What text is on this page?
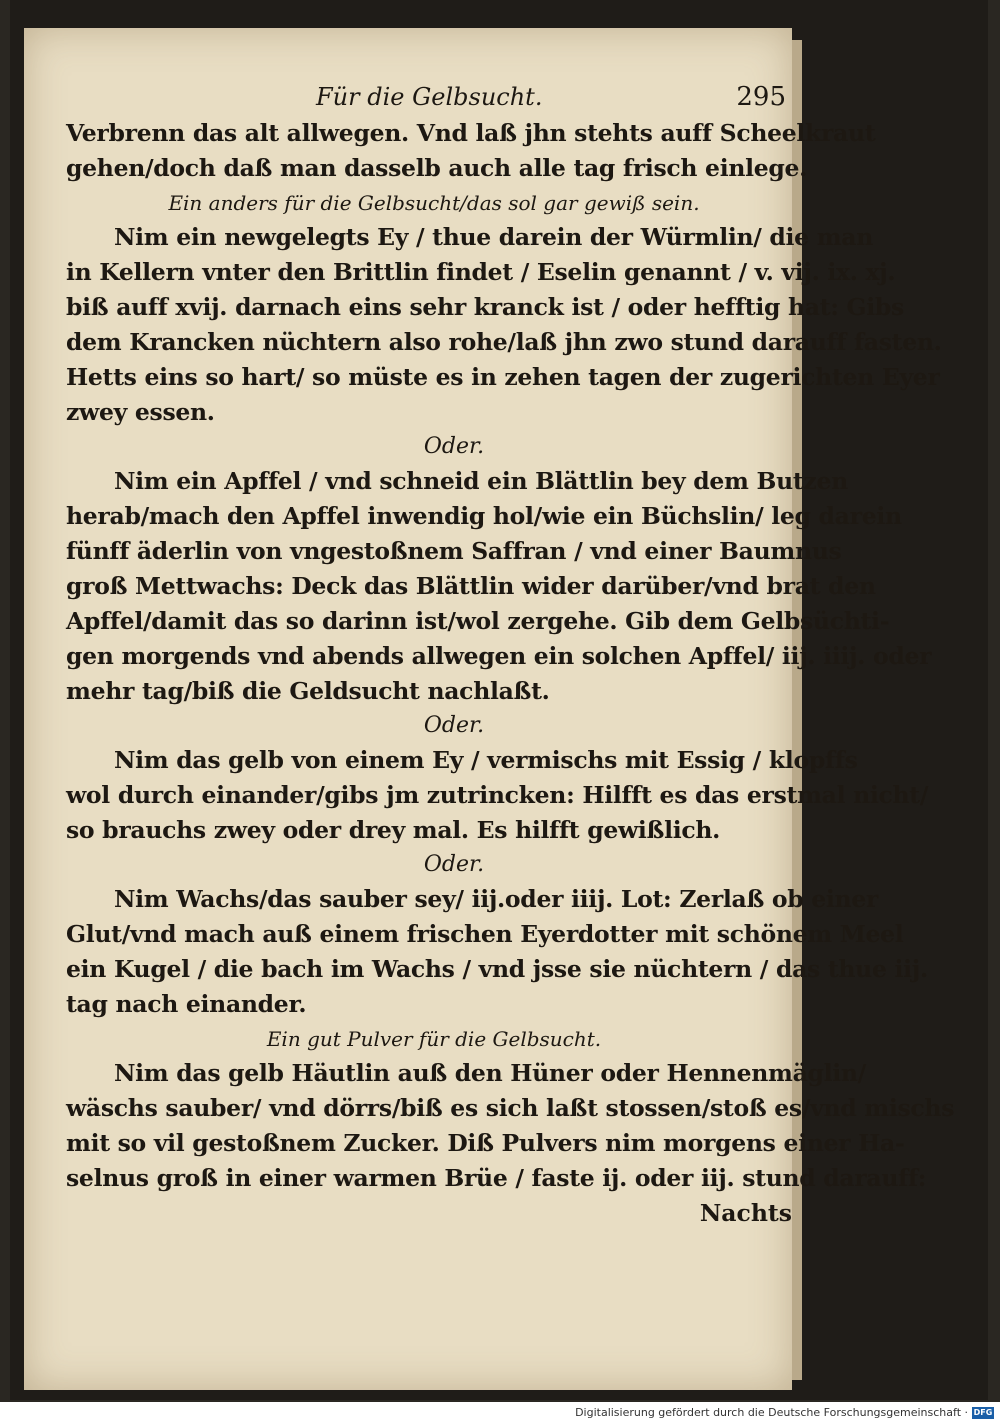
Für die Gelbsucht.	295
Verbrenn das alt allwegen. Vnd laß jhn stehts auff Scheelkraut
gehen/doch daß man dasselb auch alle tag frisch einlege.
Ein anders für die Gelbsucht/das sol gar gewiß sein.
Nim ein newgelegts Ey / thue darein der Würmlin/ die man
in Kellern vnter den Brittlin findet / Eselin genannt / v. vij. ix. xj.
biß auff xvij. darnach eins sehr kranck ist / oder hefftig hat: Gibs
dem Krancken nüchtern also rohe/laß jhn zwo stund darauff fasten.
Hetts eins so hart/ so müste es in zehen tagen der zugerichten Eyer
zwey essen.
Oder.
Nim ein Apffel / vnd schneid ein Blättlin bey dem Butzen
herab/mach den Apffel inwendig hol/wie ein Büchslin/ leg darein
fünff äderlin von vngestoßnem Saffran / vnd einer Baumnus
groß Mettwachs: Deck das Blättlin wider darüber/vnd brat den
Apffel/damit das so darinn ist/wol zergehe. Gib dem Gelbsüchti-
gen morgends vnd abends allwegen ein solchen Apffel/ iij. iiij. oder
mehr tag/biß die Geldsucht nachlaßt.
Oder.
Nim das gelb von einem Ey / vermischs mit Essig / klopffs
wol durch einander/gibs jm zutrincken: Hilfft es das erstmal nicht/
so brauchs zwey oder drey mal. Es hilfft gewißlich.
Oder.
Nim Wachs/das sauber sey/ iij.oder iiij. Lot: Zerlaß ob einer
Glut/vnd mach auß einem frischen Eyerdotter mit schönem Meel
ein Kugel / die bach im Wachs / vnd jsse sie nüchtern / das thue iij.
tag nach einander.
Ein gut Pulver für die Gelbsucht.
Nim das gelb Häutlin auß den Hüner oder Hennenmäglin/
wäschs sauber/ vnd dörrs/biß es sich laßt stossen/stoß es/vnd mischs
mit so vil gestoßnem Zucker. Diß Pulvers nim morgens einer Ha-
selnus groß in einer warmen Brüe / faste ij. oder iij. stund darauff:
Nachts
Digitalisierung gefördert durch die Deutsche Forschungsgemeinschaft · DFG
